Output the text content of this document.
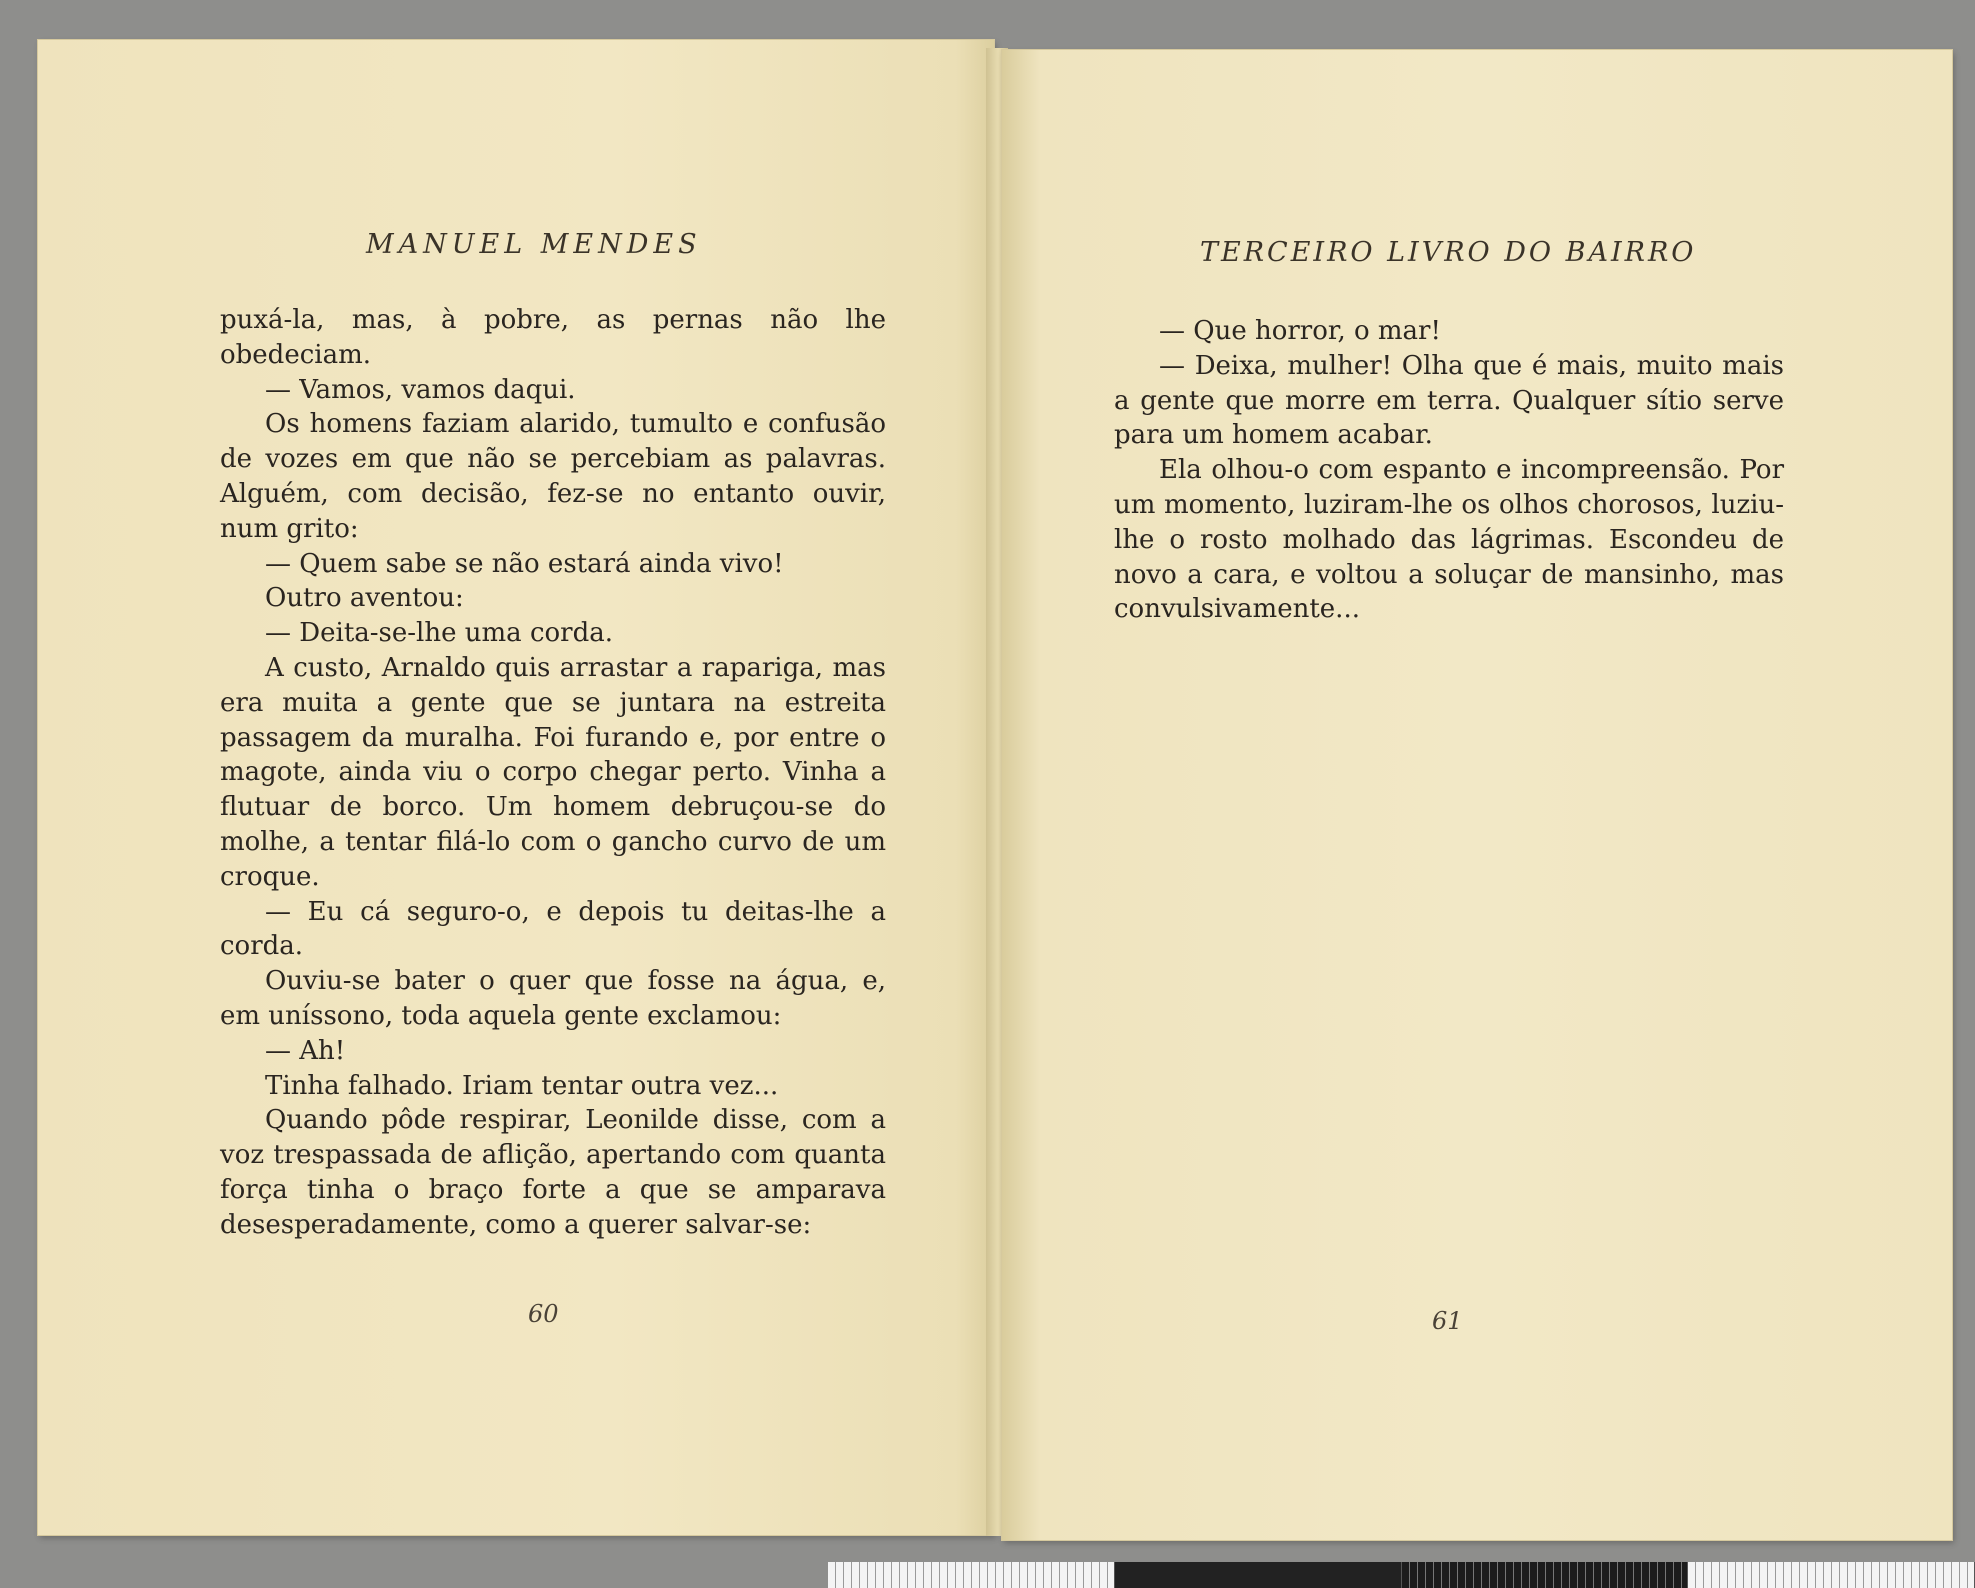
MANUEL MENDES	TERCEIRO LIVRO DO BAIRRO

puxá-la, mas, à pobre, as pernas não lhe obedeciam.

— Vamos, vamos daqui.

Os homens faziam alarido, tumulto e confusão de vozes em que não se percebiam as palavras. Alguém, com decisão, fez-se no entanto ouvir, num grito:

— Quem sabe se não estará ainda vivo!

Outro aventou:

— Deita-se-lhe uma corda.

A custo, Arnaldo quis arrastar a rapariga, mas era muita a gente que se juntara na estreita passagem da muralha. Foi furando e, por entre o magote, ainda viu o corpo chegar perto. Vinha a flutuar de borco. Um homem debruçou-se do molhe, a tentar filá-lo com o gancho curvo de um croque.

— Eu cá seguro-o, e depois tu deitas-lhe a corda.

Ouviu-se bater o quer que fosse na água, e, em uníssono, toda aquela gente exclamou:

— Ah!

Tinha falhado. Iriam tentar outra vez...

Quando pôde respirar, Leonilde disse, com a voz trespassada de aflição, apertando com quanta força tinha o braço forte a que se amparava desesperadamente, como a querer salvar-se:

— Que horror, o mar!

— Deixa, mulher! Olha que é mais, muito mais a gente que morre em terra. Qualquer sítio serve para um homem acabar.

Ela olhou-o com espanto e incompreensão. Por um momento, luziram-lhe os olhos chorosos, luziu-lhe o rosto molhado das lágrimas. Escondeu de novo a cara, e voltou a soluçar de mansinho, mas convulsivamente...

60	61
